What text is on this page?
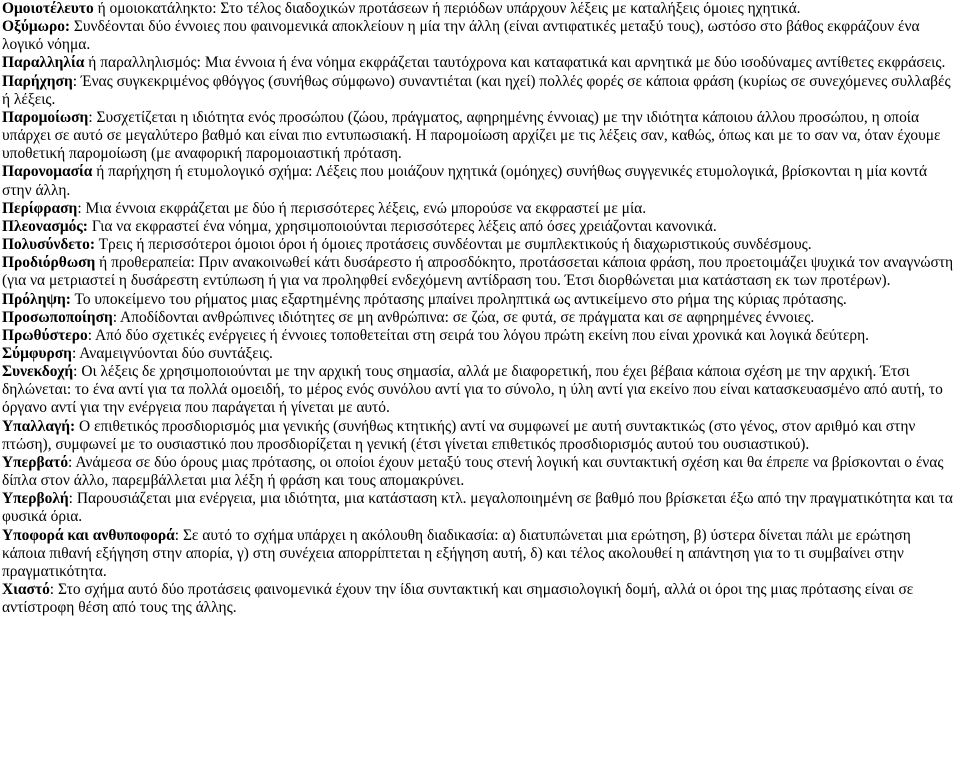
Ομοιοτέλευτο ή ομοιοκατάληκτο: Στο τέλος διαδοχικών προτάσεων ή περιόδων υπάρχουν λέξεις με καταλήξεις όμοιες ηχητικά.
Οξύμωρο: Συνδέονται δύο έννοιες που φαινομενικά αποκλείουν η μία την άλλη (είναι αντιφατικές μεταξύ τους), ωστόσο στο βάθος εκφράζουν ένα λογικό νόημα.
Παραλληλία ή παραλληλισμός: Μια έννοια ή ένα νόημα εκφράζεται ταυτόχρονα και καταφατικά και αρνητικά με δύο ισοδύναμες αντίθετες εκφράσεις.
Παρήχηση: Ένας συγκεκριμένος φθόγγος (συνήθως σύμφωνο) συναντιέται (και ηχεί) πολλές φορές σε κάποια φράση (κυρίως σε συνεχόμενες συλλαβές ή λέξεις.
Παρομοίωση: Συσχετίζεται η ιδιότητα ενός προσώπου (ζώου, πράγματος, αφηρημένης έννοιας) με την ιδιότητα κάποιου άλλου προσώπου, η οποία υπάρχει σε αυτό σε μεγαλύτερο βαθμό και είναι πιο εντυπωσιακή. Η παρομοίωση αρχίζει με τις λέξεις σαν, καθώς, όπως και με το σαν να, όταν έχουμε υποθετική παρομοίωση (με αναφορική παρομοιαστική πρόταση.
Παρονομασία ή παρήχηση ή ετυμολογικό σχήμα: Λέξεις που μοιάζουν ηχητικά (ομόηχες) συνήθως συγγενικές ετυμολογικά, βρίσκονται η μία κοντά στην άλλη.
Περίφραση: Μια έννοια εκφράζεται με δύο ή περισσότερες λέξεις, ενώ μπορούσε να εκφραστεί με μία.
Πλεονασμός: Για να εκφραστεί ένα νόημα, χρησιμοποιούνται περισσότερες λέξεις από όσες χρειάζονται κανονικά.
Πολυσύνδετο: Τρεις ή περισσότεροι όμοιοι όροι ή όμοιες προτάσεις συνδέονται με συμπλεκτικούς ή διαχωριστικούς συνδέσμους.
Προδιόρθωση ή προθεραπεία: Πριν ανακοινωθεί κάτι δυσάρεστο ή απροσδόκητο, προτάσσεται κάποια φράση, που προετοιμάζει ψυχικά τον αναγνώστη (για να μετριαστεί η δυσάρεστη εντύπωση ή για να προληφθεί ενδεχόμενη αντίδραση του. Έτσι διορθώνεται μια κατάσταση εκ των προτέρων).
Πρόληψη: Το υποκείμενο του ρήματος μιας εξαρτημένης πρότασης μπαίνει προληπτικά ως αντικείμενο στο ρήμα της κύριας πρότασης.
Προσωποποίηση: Αποδίδονται ανθρώπινες ιδιότητες σε μη ανθρώπινα: σε ζώα, σε φυτά, σε πράγματα και σε αφηρημένες έννοιες.
Πρωθύστερο: Από δύο σχετικές ενέργειες ή έννοιες τοποθετείται στη σειρά του λόγου πρώτη εκείνη που είναι χρονικά και λογικά δεύτερη.
Σύμφυρση: Αναμειγνύονται δύο συντάξεις.
Συνεκδοχή: Οι λέξεις δε χρησιμοποιούνται με την αρχική τους σημασία, αλλά με διαφορετική, που έχει βέβαια κάποια σχέση με την αρχική. Έτσι δηλώνεται: το ένα αντί για τα πολλά ομοειδή, το μέρος ενός συνόλου αντί για το σύνολο, η ύλη αντί για εκείνο που είναι κατασκευασμένο από αυτή, το όργανο αντί για την ενέργεια που παράγεται ή γίνεται με αυτό.
Υπαλλαγή: Ο επιθετικός προσδιορισμός μια γενικής (συνήθως κτητικής) αντί να συμφωνεί με αυτή συντακτικώς (στο γένος, στον αριθμό και στην πτώση), συμφωνεί με το ουσιαστικό που προσδιορίζεται η γενική (έτσι γίνεται επιθετικός προσδιορισμός αυτού του ουσιαστικού).
Υπερβατό: Ανάμεσα σε δύο όρους μιας πρότασης, οι οποίοι έχουν μεταξύ τους στενή λογική και συντακτική σχέση και θα έπρεπε να βρίσκονται ο ένας δίπλα στον άλλο, παρεμβάλλεται μια λέξη ή φράση και τους απομακρύνει.
Υπερβολή: Παρουσιάζεται μια ενέργεια, μια ιδιότητα, μια κατάσταση κτλ. μεγαλοποιημένη σε βαθμό που βρίσκεται έξω από την πραγματικότητα και τα φυσικά όρια.
Υποφορά και ανθυποφορά: Σε αυτό το σχήμα υπάρχει η ακόλουθη διαδικασία: α) διατυπώνεται μια ερώτηση, β) ύστερα δίνεται πάλι με ερώτηση κάποια πιθανή εξήγηση στην απορία, γ) στη συνέχεια απορρίπτεται η εξήγηση αυτή, δ) και τέλος ακολουθεί η απάντηση για το τι συμβαίνει στην πραγματικότητα.
Χιαστό: Στο σχήμα αυτό δύο προτάσεις φαινομενικά έχουν την ίδια συντακτική και σημασιολογική δομή, αλλά οι όροι της μιας πρότασης είναι σε αντίστροφη θέση από τους της άλλης.
